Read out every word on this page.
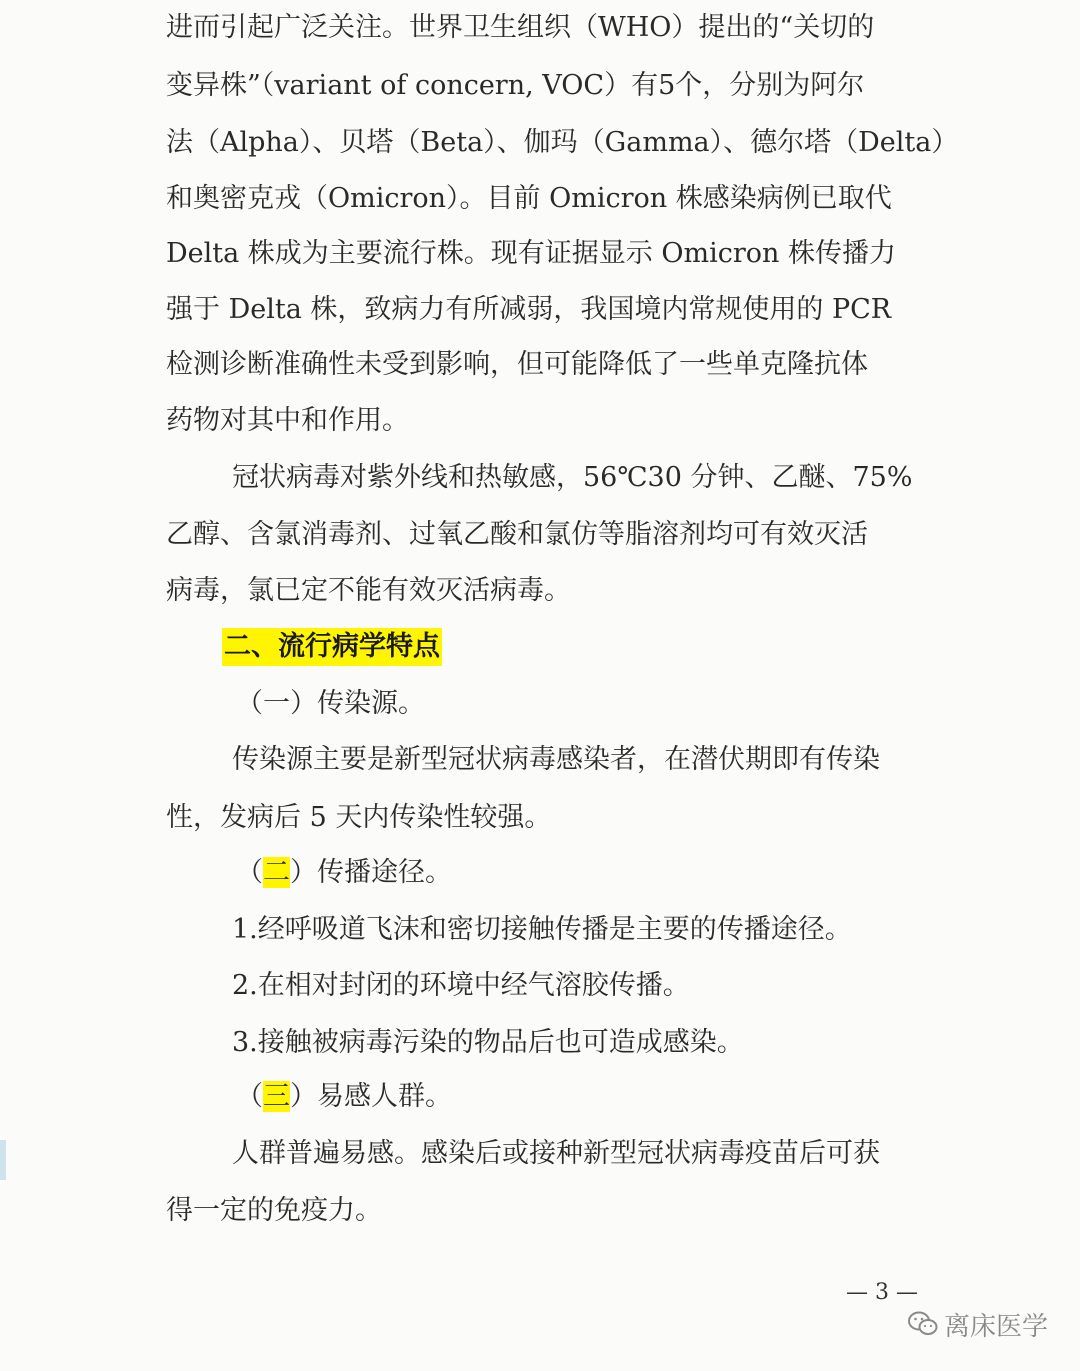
进而引起广泛关注。世界卫生组织（WHO）提出的“关切的
变异株”（variant of concern, VOC）有5个，分别为阿尔
法（Alpha）、贝塔（Beta）、伽玛（Gamma）、德尔塔（Delta）
和奥密克戎（Omicron）。目前 Omicron 株感染病例已取代
Delta 株成为主要流行株。现有证据显示 Omicron 株传播力
强于 Delta 株，致病力有所减弱，我国境内常规使用的 PCR
检测诊断准确性未受到影响，但可能降低了一些单克隆抗体
药物对其中和作用。
冠状病毒对紫外线和热敏感，56℃30 分钟、乙醚、75%
乙醇、含氯消毒剂、过氧乙酸和氯仿等脂溶剂均可有效灭活
病毒，氯已定不能有效灭活病毒。
二、流行病学特点
（一）传染源。
传染源主要是新型冠状病毒感染者，在潜伏期即有传染
性，发病后 5 天内传染性较强。
（二）传播途径。
1.经呼吸道飞沫和密切接触传播是主要的传播途径。
2.在相对封闭的环境中经气溶胶传播。
3.接触被病毒污染的物品后也可造成感染。
（三）易感人群。
人群普遍易感。感染后或接种新型冠状病毒疫苗后可获
得一定的免疫力。
— 3 —
离床医学
